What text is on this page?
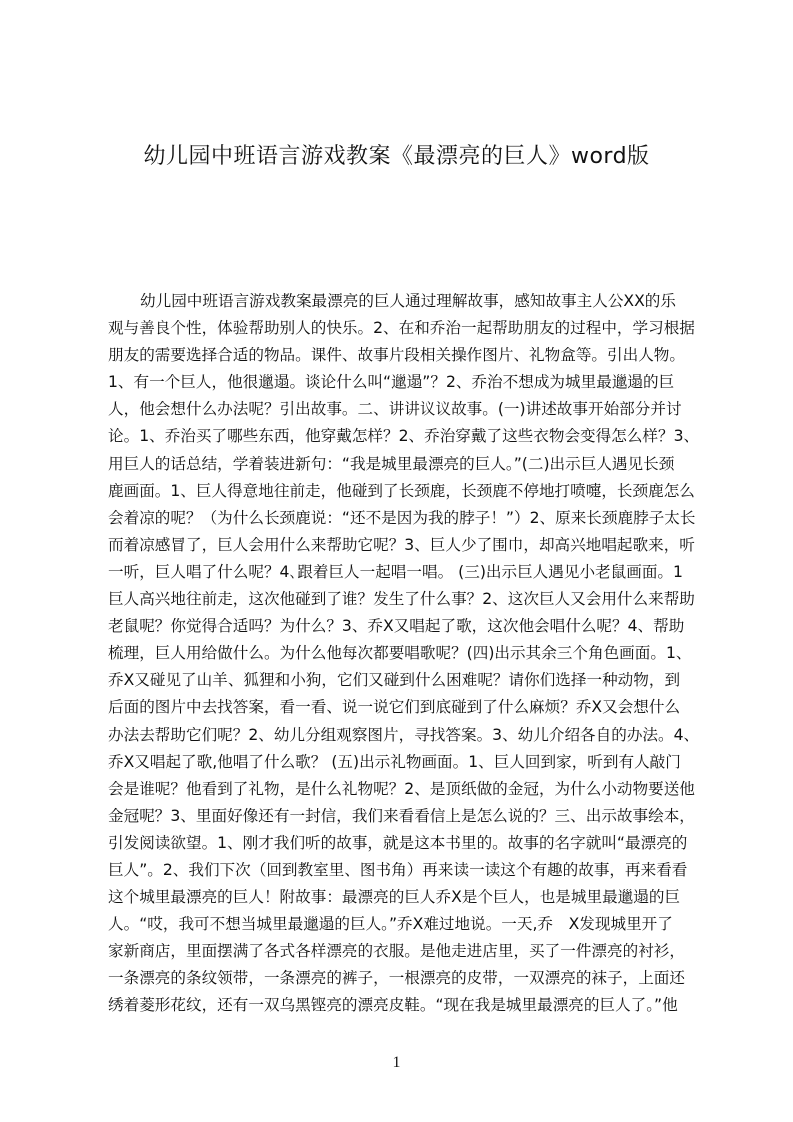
幼儿园中班语言游戏教案《最漂亮的巨人》word版
幼儿园中班语言游戏教案最漂亮的巨人通过理解故事，感知故事主人公XX的乐
观与善良个性，体验帮助别人的快乐。2、在和乔治一起帮助朋友的过程中，学习根据
朋友的需要选择合适的物品。课件、故事片段相关操作图片、礼物盒等。引出人物。
1、有一个巨人，他很邋遢。谈论什么叫“邋遢”？2、乔治不想成为城里最邋遢的巨
人，他会想什么办法呢？引出故事。二、讲讲议议故事。(一)讲述故事开始部分并讨
论。1、乔治买了哪些东西，他穿戴怎样？2、乔治穿戴了这些衣物会变得怎么样？3、
用巨人的话总结，学着装进新句：“我是城里最漂亮的巨人。”(二)出示巨人遇见长颈
鹿画面。1、巨人得意地往前走，他碰到了长颈鹿，长颈鹿不停地打喷嚏，长颈鹿怎么
会着凉的呢？（为什么长颈鹿说：“还不是因为我的脖子！”）2、原来长颈鹿脖子太长
而着凉感冒了，巨人会用什么来帮助它呢？3、巨人少了围巾，却高兴地唱起歌来，听
一听，巨人唱了什么呢？4､跟着巨人一起唱一唱。 (三)出示巨人遇见小老鼠画面。1
巨人高兴地往前走，这次他碰到了谁？发生了什么事？2、这次巨人又会用什么来帮助
老鼠呢？你觉得合适吗？为什么？3、乔X又唱起了歌，这次他会唱什么呢？4、帮助
梳理，巨人用给做什么。为什么他每次都要唱歌呢？(四)出示其余三个角色画面。1、
乔X又碰见了山羊、狐狸和小狗，它们又碰到什么困难呢？请你们选择一种动物，到
后面的图片中去找答案，看一看、说一说它们到底碰到了什么麻烦？乔X又会想什么
办法去帮助它们呢？2、幼儿分组观察图片，寻找答案。3、幼儿介绍各自的办法。4、
乔X又唱起了歌,他唱了什么歌？ (五)出示礼物画面。1、巨人回到家，听到有人敲门
会是谁呢？他看到了礼物，是什么礼物呢？2、是顶纸做的金冠，为什么小动物要送他
金冠呢？3、里面好像还有一封信，我们来看看信上是怎么说的？三、出示故事绘本，
引发阅读欲望。1、刚才我们听的故事，就是这本书里的。故事的名字就叫“最漂亮的
巨人”。2、我们下次（回到教室里、图书角）再来读一读这个有趣的故事，再来看看
这个城里最漂亮的巨人！附故事：最漂亮的巨人乔X是个巨人，也是城里最邋遢的巨
人。“哎，我可不想当城里最邋遢的巨人。”乔X难过地说。一天,乔　X发现城里开了
家新商店，里面摆满了各式各样漂亮的衣服。是他走进店里，买了一件漂亮的衬衫，
一条漂亮的条纹领带，一条漂亮的裤子，一根漂亮的皮带，一双漂亮的袜子，上面还
绣着菱形花纹，还有一双乌黑铿亮的漂亮皮鞋。“现在我是城里最漂亮的巨人了。”他
1
